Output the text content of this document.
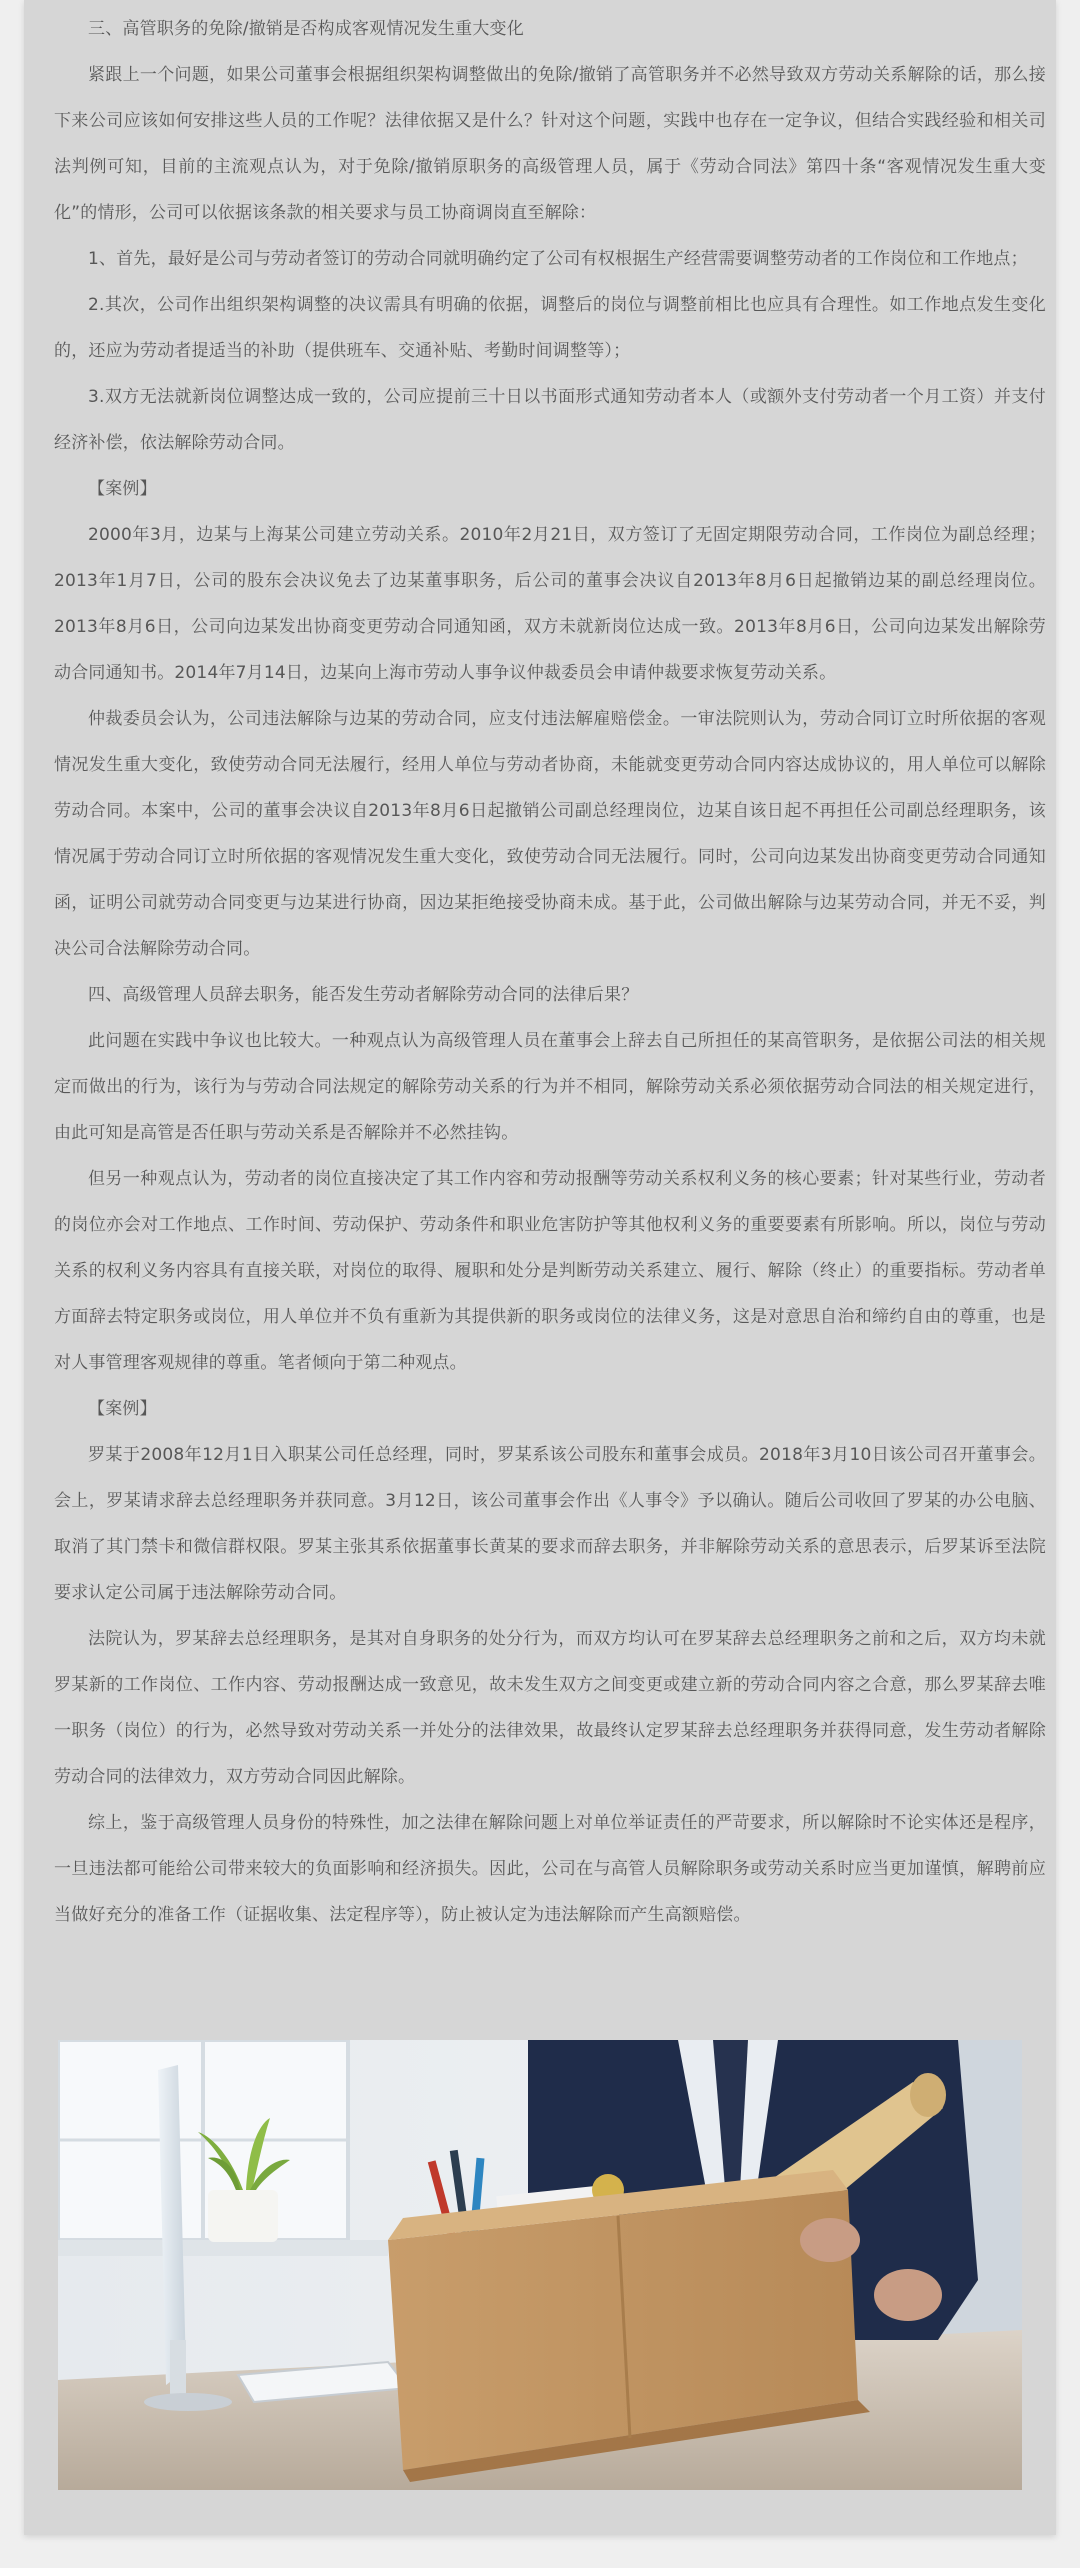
三、高管职务的免除/撤销是否构成客观情况发生重大变化

紧跟上一个问题，如果公司董事会根据组织架构调整做出的免除/撤销了高管职务并不必然导致双方劳动关系解除的话，那么接下来公司应该如何安排这些人员的工作呢？法律依据又是什么？针对这个问题，实践中也存在一定争议，但结合实践经验和相关司法判例可知，目前的主流观点认为，对于免除/撤销原职务的高级管理人员，属于《劳动合同法》第四十条“客观情况发生重大变化”的情形，公司可以依据该条款的相关要求与员工协商调岗直至解除：

1、首先，最好是公司与劳动者签订的劳动合同就明确约定了公司有权根据生产经营需要调整劳动者的工作岗位和工作地点；

2.其次，公司作出组织架构调整的决议需具有明确的依据，调整后的岗位与调整前相比也应具有合理性。如工作地点发生变化的，还应为劳动者提适当的补助（提供班车、交通补贴、考勤时间调整等）；

3.双方无法就新岗位调整达成一致的，公司应提前三十日以书面形式通知劳动者本人（或额外支付劳动者一个月工资）并支付经济补偿，依法解除劳动合同。

【案例】

2000年3月，边某与上海某公司建立劳动关系。2010年2月21日，双方签订了无固定期限劳动合同，工作岗位为副总经理；2013年1月7日，公司的股东会决议免去了边某董事职务，后公司的董事会决议自2013年8月6日起撤销边某的副总经理岗位。2013年8月6日，公司向边某发出协商变更劳动合同通知函，双方未就新岗位达成一致。2013年8月6日，公司向边某发出解除劳动合同通知书。2014年7月14日，边某向上海市劳动人事争议仲裁委员会申请仲裁要求恢复劳动关系。

仲裁委员会认为，公司违法解除与边某的劳动合同，应支付违法解雇赔偿金。一审法院则认为，劳动合同订立时所依据的客观情况发生重大变化，致使劳动合同无法履行，经用人单位与劳动者协商，未能就变更劳动合同内容达成协议的，用人单位可以解除劳动合同。本案中，公司的董事会决议自2013年8月6日起撤销公司副总经理岗位，边某自该日起不再担任公司副总经理职务，该情况属于劳动合同订立时所依据的客观情况发生重大变化，致使劳动合同无法履行。同时，公司向边某发出协商变更劳动合同通知函，证明公司就劳动合同变更与边某进行协商，因边某拒绝接受协商未成。基于此，公司做出解除与边某劳动合同，并无不妥，判决公司合法解除劳动合同。

四、高级管理人员辞去职务，能否发生劳动者解除劳动合同的法律后果？

此问题在实践中争议也比较大。一种观点认为高级管理人员在董事会上辞去自己所担任的某高管职务，是依据公司法的相关规定而做出的行为，该行为与劳动合同法规定的解除劳动关系的行为并不相同，解除劳动关系必须依据劳动合同法的相关规定进行，由此可知是高管是否任职与劳动关系是否解除并不必然挂钩。

但另一种观点认为，劳动者的岗位直接决定了其工作内容和劳动报酬等劳动关系权利义务的核心要素；针对某些行业，劳动者的岗位亦会对工作地点、工作时间、劳动保护、劳动条件和职业危害防护等其他权利义务的重要要素有所影响。所以，岗位与劳动关系的权利义务内容具有直接关联，对岗位的取得、履职和处分是判断劳动关系建立、履行、解除（终止）的重要指标。劳动者单方面辞去特定职务或岗位，用人单位并不负有重新为其提供新的职务或岗位的法律义务，这是对意思自治和缔约自由的尊重，也是对人事管理客观规律的尊重。笔者倾向于第二种观点。

【案例】

罗某于2008年12月1日入职某公司任总经理，同时，罗某系该公司股东和董事会成员。2018年3月10日该公司召开董事会。会上，罗某请求辞去总经理职务并获同意。3月12日，该公司董事会作出《人事令》予以确认。随后公司收回了罗某的办公电脑、取消了其门禁卡和微信群权限。罗某主张其系依据董事长黄某的要求而辞去职务，并非解除劳动关系的意思表示，后罗某诉至法院要求认定公司属于违法解除劳动合同。

法院认为，罗某辞去总经理职务，是其对自身职务的处分行为，而双方均认可在罗某辞去总经理职务之前和之后，双方均未就罗某新的工作岗位、工作内容、劳动报酬达成一致意见，故未发生双方之间变更或建立新的劳动合同内容之合意，那么罗某辞去唯一职务（岗位）的行为，必然导致对劳动关系一并处分的法律效果，故最终认定罗某辞去总经理职务并获得同意，发生劳动者解除劳动合同的法律效力，双方劳动合同因此解除。

综上，鉴于高级管理人员身份的特殊性，加之法律在解除问题上对单位举证责任的严苛要求，所以解除时不论实体还是程序，一旦违法都可能给公司带来较大的负面影响和经济损失。因此，公司在与高管人员解除职务或劳动关系时应当更加谨慎，解聘前应当做好充分的准备工作（证据收集、法定程序等），防止被认定为违法解除而产生高额赔偿。
